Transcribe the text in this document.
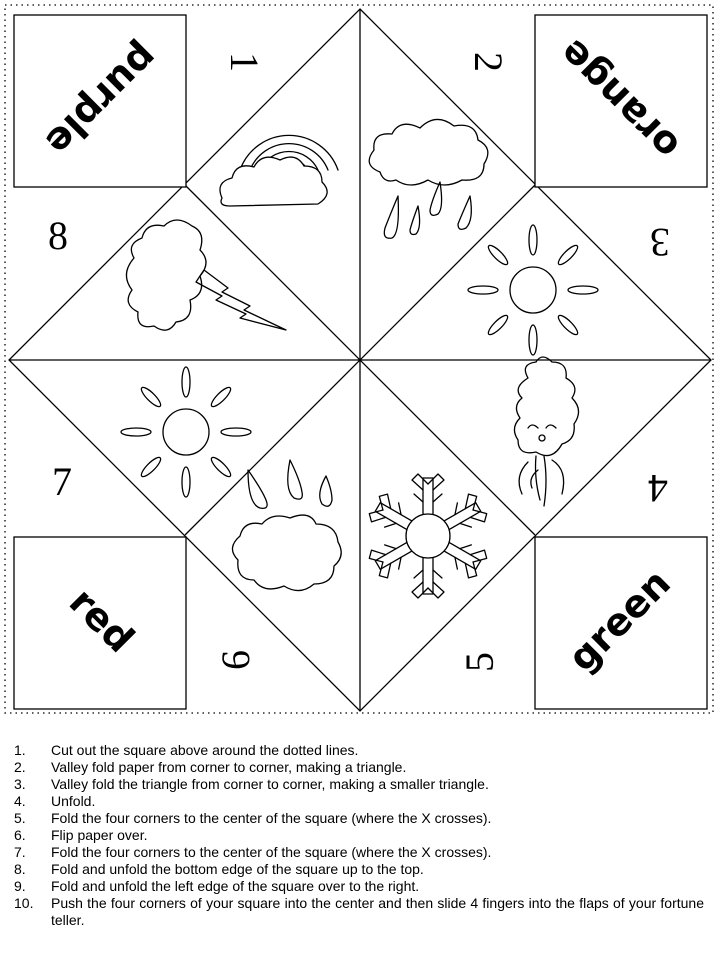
purple	orange
red	green
1	2
3
4
5
6
7
8
1.	Cut out the square above around the dotted lines.
2.	Valley fold paper from corner to corner, making a triangle.
3.	Valley fold the triangle from corner to corner, making a smaller triangle.
4.	Unfold.
5.	Fold the four corners to the center of the square (where the X crosses).
6.	Flip paper over.
7.	Fold the four corners to the center of the square (where the X crosses).
8.	Fold and unfold the bottom edge of the square up to the top.
9.	Fold and unfold the left edge of the square over to the right.
10.	Push the four corners of your square into the center and then slide 4 fingers into the flaps of your fortune teller.
